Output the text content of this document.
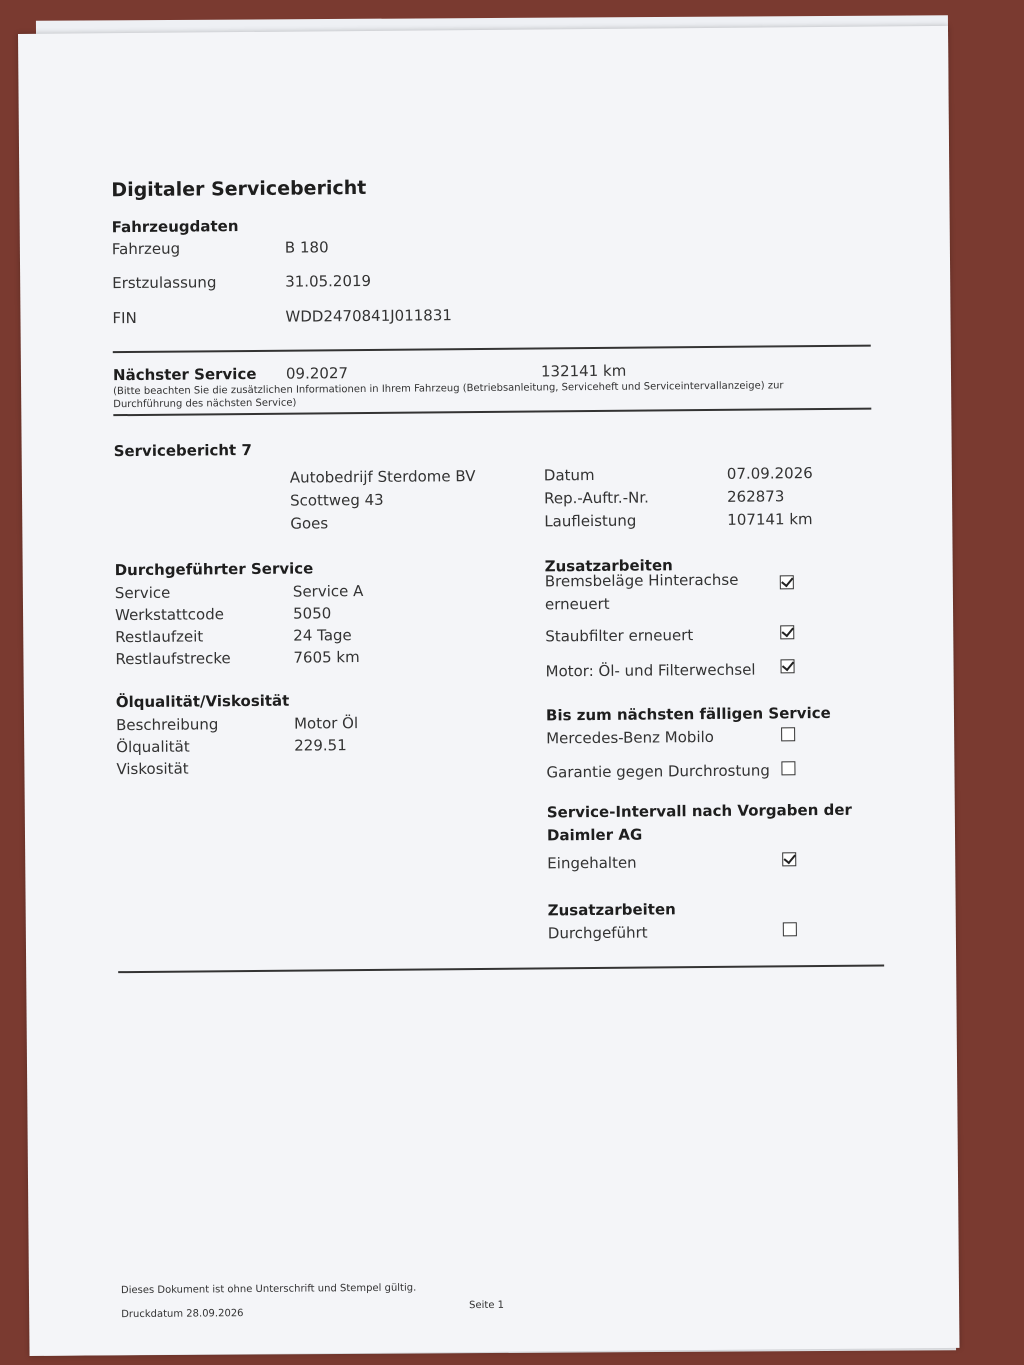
Digitaler Servicebericht
Fahrzeugdaten
Fahrzeug	B 180
Erstzulassung	31.05.2019
FIN	WDD2470841J011831
Nächster Service 09.2027	132141 km
(Bitte beachten Sie die zusätzlichen Informationen in Ihrem Fahrzeug (Betriebsanleitung, Serviceheft und Serviceintervallanzeige) zur Durchführung des nächsten Service)
Servicebericht 7
Autobedrijf Sterdome BV
Scottweg 43
Goes
Datum	07.09.2026
Rep.-Auftr.-Nr.	262873
Laufleistung	107141 km
Durchgeführter Service
Service	Service A
Werkstattcode	5050
Restlaufzeit	24 Tage
Restlaufstrecke	7605 km
Ölqualität/Viskosität
Beschreibung	Motor Öl
Ölqualität	229.51
Viskosität
Zusatzarbeiten
Bremsbeläge Hinterachse erneuert
Staubfilter erneuert
Motor: Öl- und Filterwechsel
Bis zum nächsten fälligen Service
Mercedes-Benz Mobilo
Garantie gegen Durchrostung
Service-Intervall nach Vorgaben der Daimler AG
Eingehalten
Zusatzarbeiten
Durchgeführt
Dieses Dokument ist ohne Unterschrift und Stempel gültig.
Druckdatum 28.09.2026
Seite 1
